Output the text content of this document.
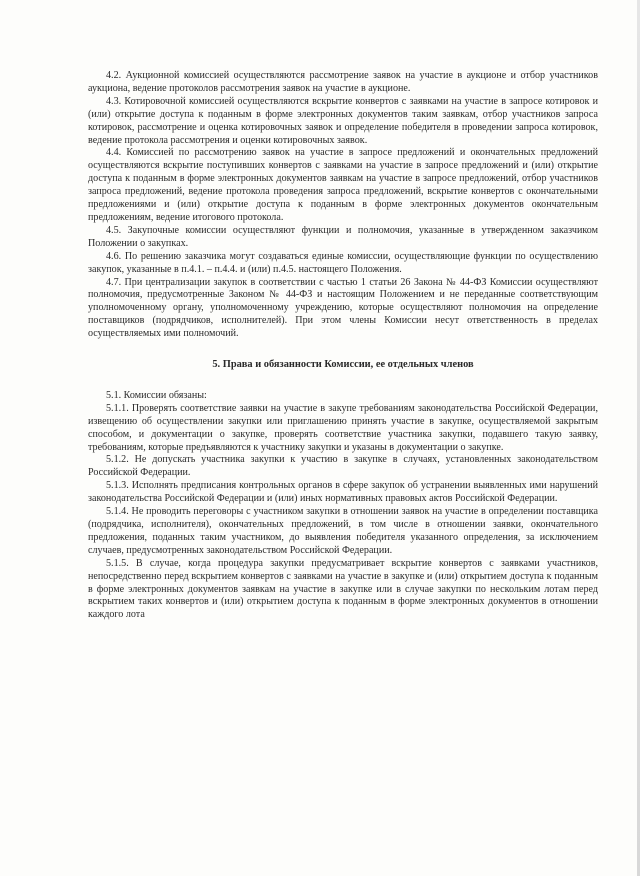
4.2. Аукционной комиссией осуществляются рассмотрение заявок на участие в аукционе и отбор участников аукциона, ведение протоколов рассмотрения заявок на участие в аукционе.

4.3. Котировочной комиссией осуществляются вскрытие конвертов с заявками на участие в запросе котировок и (или) открытие доступа к поданным в форме электронных документов таким заявкам, отбор участников запроса котировок, рассмотрение и оценка котировочных заявок и определение победителя в проведении запроса котировок, ведение протокола рассмотрения и оценки котировочных заявок.

4.4. Комиссией по рассмотрению заявок на участие в запросе предложений и окончательных предложений осуществляются вскрытие поступивших конвертов с заявками на участие в запросе предложений и (или) открытие доступа к поданным в форме электронных документов заявкам на участие в запросе предложений, отбор участников запроса предложений, ведение протокола проведения запроса предложений, вскрытие конвертов с окончательными предложениями и (или) открытие доступа к поданным в форме электронных документов окончательным предложениям, ведение итогового протокола.

4.5. Закупочные комиссии осуществляют функции и полномочия, указанные в утвержденном заказчиком Положении о закупках.

4.6. По решению заказчика могут создаваться единые комиссии, осуществляющие функции по осуществлению закупок, указанные в п.4.1. – п.4.4. и (или) п.4.5. настоящего Положения.

4.7. При централизации закупок в соответствии с частью 1 статьи 26 Закона № 44-ФЗ Комиссии осуществляют полномочия, предусмотренные Законом № 44-ФЗ и настоящим Положением и не переданные соответствующим уполномоченному органу, уполномоченному учреждению, которые осуществляют полномочия на определение поставщиков (подрядчиков, исполнителей). При этом члены Комиссии несут ответственность в пределах осуществляемых ими полномочий.

5. Права и обязанности Комиссии, ее отдельных членов

5.1. Комиссии обязаны:

5.1.1. Проверять соответствие заявки на участие в закупе требованиям законодательства Российской Федерации, извещению об осуществлении закупки или приглашению принять участие в закупке, осуществляемой закрытым способом, и документации о закупке, проверять соответствие участника закупки, подавшего такую заявку, требованиям, которые предъявляются к участнику закупки и указаны в документации о закупке.

5.1.2. Не допускать участника закупки к участию в закупке в случаях, установленных законодательством Российской Федерации.

5.1.3. Исполнять предписания контрольных органов в сфере закупок об устранении выявленных ими нарушений законодательства Российской Федерации и (или) иных нормативных правовых актов Российской Федерации.

5.1.4. Не проводить переговоры с участником закупки в отношении заявок на участие в определении поставщика (подрядчика, исполнителя), окончательных предложений, в том числе в отношении заявки, окончательного предложения, поданных таким участником, до выявления победителя указанного определения, за исключением случаев, предусмотренных законодательством Российской Федерации.

5.1.5. В случае, когда процедура закупки предусматривает вскрытие конвертов с заявками участников, непосредственно перед вскрытием конвертов с заявками на участие в закупке и (или) открытием доступа к поданным в форме электронных документов заявкам на участие в закупке или в случае закупки по нескольким лотам перед вскрытием таких конвертов и (или) открытием доступа к поданным в форме электронных документов в отношении каждого лота
